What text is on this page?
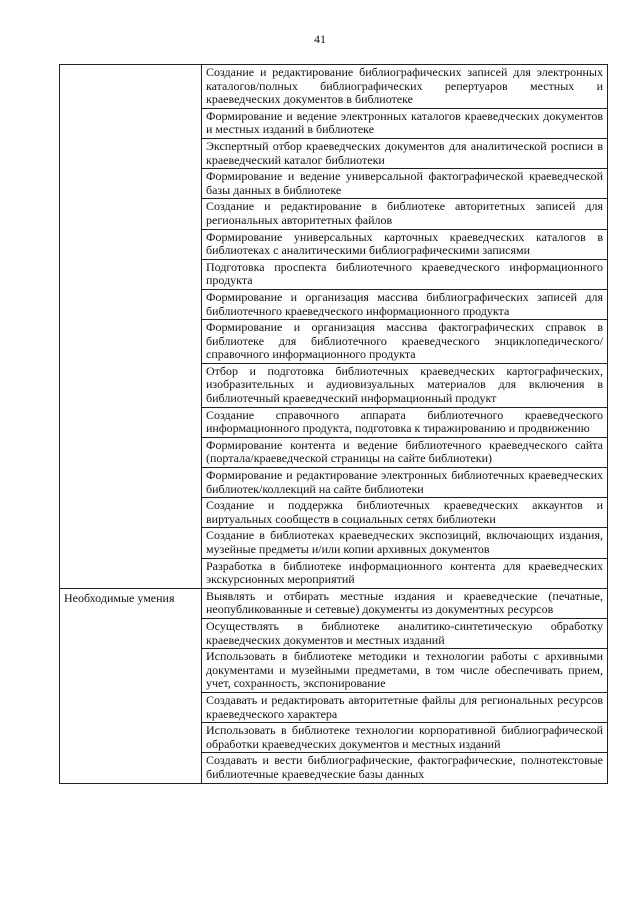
41
	Создание и редактирование библиографических записей для электронных каталогов/полных библиографических репертуаров местных и краеведческих документов в библиотеке
	Формирование и ведение электронных каталогов краеведческих документов и местных изданий в библиотеке
	Экспертный отбор краеведческих документов для аналитической росписи в краеведческий каталог библиотеки
	Формирование и ведение универсальной фактографической краеведческой базы данных в библиотеке
	Создание и редактирование в библиотеке авторитетных записей для региональных авторитетных файлов
	Формирование универсальных карточных краеведческих каталогов в библиотеках с аналитическими библиографическими записями
	Подготовка проспекта библиотечного краеведческого информационного продукта
	Формирование и организация массива библиографических записей для библиотечного краеведческого информационного продукта
	Формирование и организация массива фактографических справок в библиотеке для библиотечного краеведческого энциклопедического/справочного информационного продукта
	Отбор и подготовка библиотечных краеведческих картографических, изобразительных и аудиовизуальных материалов для включения в библиотечный краеведческий информационный продукт
	Создание справочного аппарата библиотечного краеведческого информационного продукта, подготовка к тиражированию и продвижению
	Формирование контента и ведение библиотечного краеведческого сайта (портала/краеведческой страницы на сайте библиотеки)
	Формирование и редактирование электронных библиотечных краеведческих библиотек/коллекций на сайте библиотеки
	Создание и поддержка библиотечных краеведческих аккаунтов и виртуальных сообществ в социальных сетях библиотеки
	Создание в библиотеках краеведческих экспозиций, включающих издания, музейные предметы и/или копии архивных документов
	Разработка в библиотеке информационного контента для краеведческих экскурсионных мероприятий

Необходимые умения	Выявлять и отбирать местные издания и краеведческие (печатные, неопубликованные и сетевые) документы из документных ресурсов
	Осуществлять в библиотеке аналитико-синтетическую обработку краеведческих документов и местных изданий
	Использовать в библиотеке методики и технологии работы с архивными документами и музейными предметами, в том числе обеспечивать прием, учет, сохранность, экспонирование
	Создавать и редактировать авторитетные файлы для региональных ресурсов краеведческого характера
	Использовать в библиотеке технологии корпоративной библиографической обработки краеведческих документов и местных изданий
	Создавать и вести библиографические, фактографические, полнотекстовые библиотечные краеведческие базы данных
